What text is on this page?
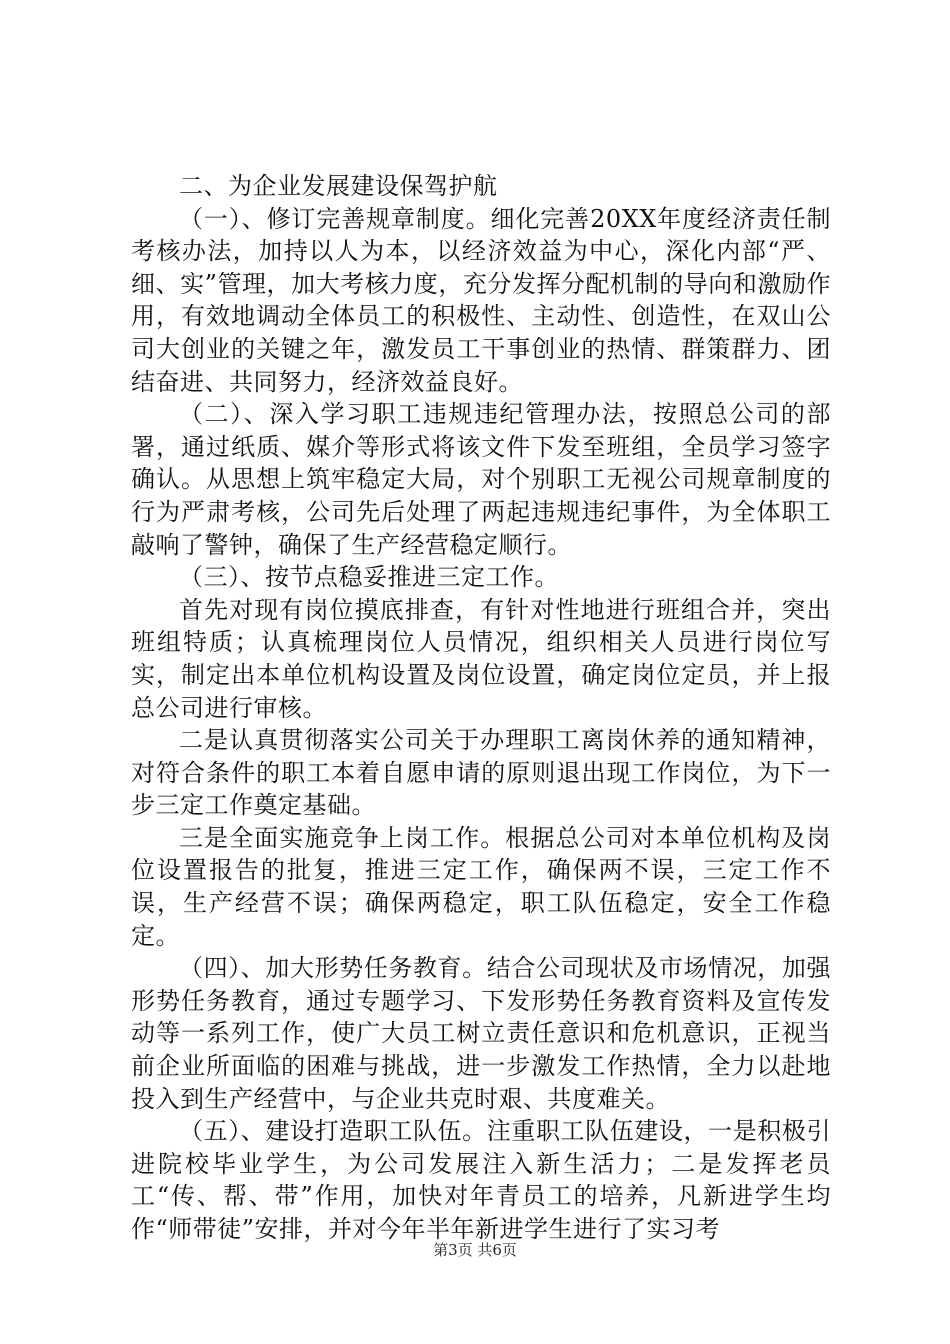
二、为企业发展建设保驾护航

（一）、修订完善规章制度。细化完善20XX年度经济责任制考核办法，加持以人为本，以经济效益为中心，深化内部“严、细、实”管理，加大考核力度，充分发挥分配机制的导向和激励作用，有效地调动全体员工的积极性、主动性、创造性，在双山公司大创业的关键之年，激发员工干事创业的热情、群策群力、团结奋进、共同努力，经济效益良好。

（二）、深入学习职工违规违纪管理办法，按照总公司的部署，通过纸质、媒介等形式将该文件下发至班组，全员学习签字确认。从思想上筑牢稳定大局，对个别职工无视公司规章制度的行为严肃考核，公司先后处理了两起违规违纪事件，为全体职工敲响了警钟，确保了生产经营稳定顺行。

（三）、按节点稳妥推进三定工作。

首先对现有岗位摸底排查，有针对性地进行班组合并，突出班组特质；认真梳理岗位人员情况，组织相关人员进行岗位写实，制定出本单位机构设置及岗位设置，确定岗位定员，并上报总公司进行审核。

二是认真贯彻落实公司关于办理职工离岗休养的通知精神，对符合条件的职工本着自愿申请的原则退出现工作岗位，为下一步三定工作奠定基础。

三是全面实施竞争上岗工作。根据总公司对本单位机构及岗位设置报告的批复，推进三定工作，确保两不误，三定工作不误，生产经营不误；确保两稳定，职工队伍稳定，安全工作稳定。

（四）、加大形势任务教育。结合公司现状及市场情况，加强形势任务教育，通过专题学习、下发形势任务教育资料及宣传发动等一系列工作，使广大员工树立责任意识和危机意识，正视当前企业所面临的困难与挑战，进一步激发工作热情，全力以赴地投入到生产经营中，与企业共克时艰、共度难关。

（五）、建设打造职工队伍。注重职工队伍建设，一是积极引进院校毕业学生，为公司发展注入新生活力；二是发挥老员工“传、帮、带”作用，加快对年青员工的培养，凡新进学生均作“师带徒”安排，并对今年半年新进学生进行了实习考

第3页 共6页
